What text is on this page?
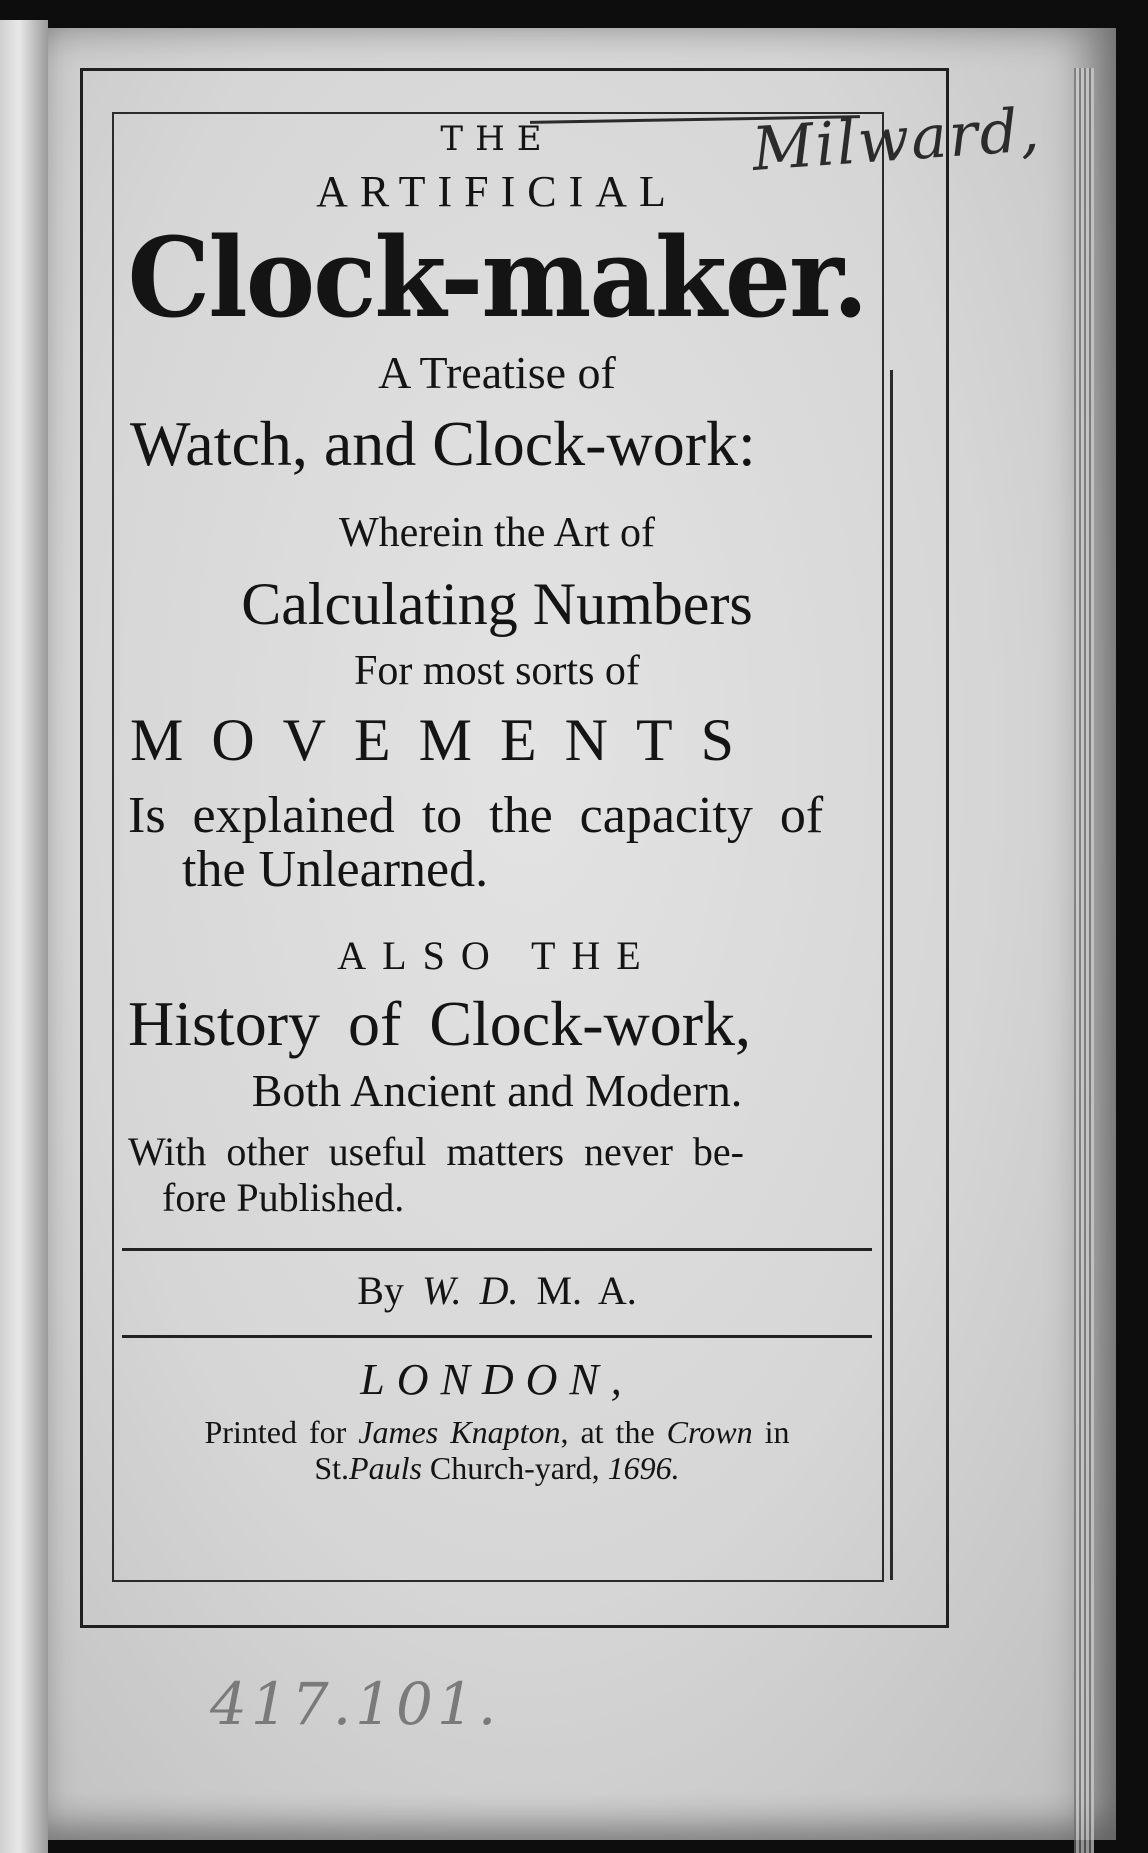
Milward,
THE
ARTIFICIAL
Clock-maker.
A Treatise of
Watch, and Clock-work:
Wherein the Art of
Calculating Numbers
For most sorts of
MOVEMENTS
Is explained to the capacity of
the Unlearned.
ALSO THE
History of Clock-work,
Both Ancient and Modern.
With other useful matters never be-
fore Published.
By W. D. M. A.
LONDON,
Printed for James Knapton, at the Crown in
St.Pauls Church-yard, 1696.
417.101.
